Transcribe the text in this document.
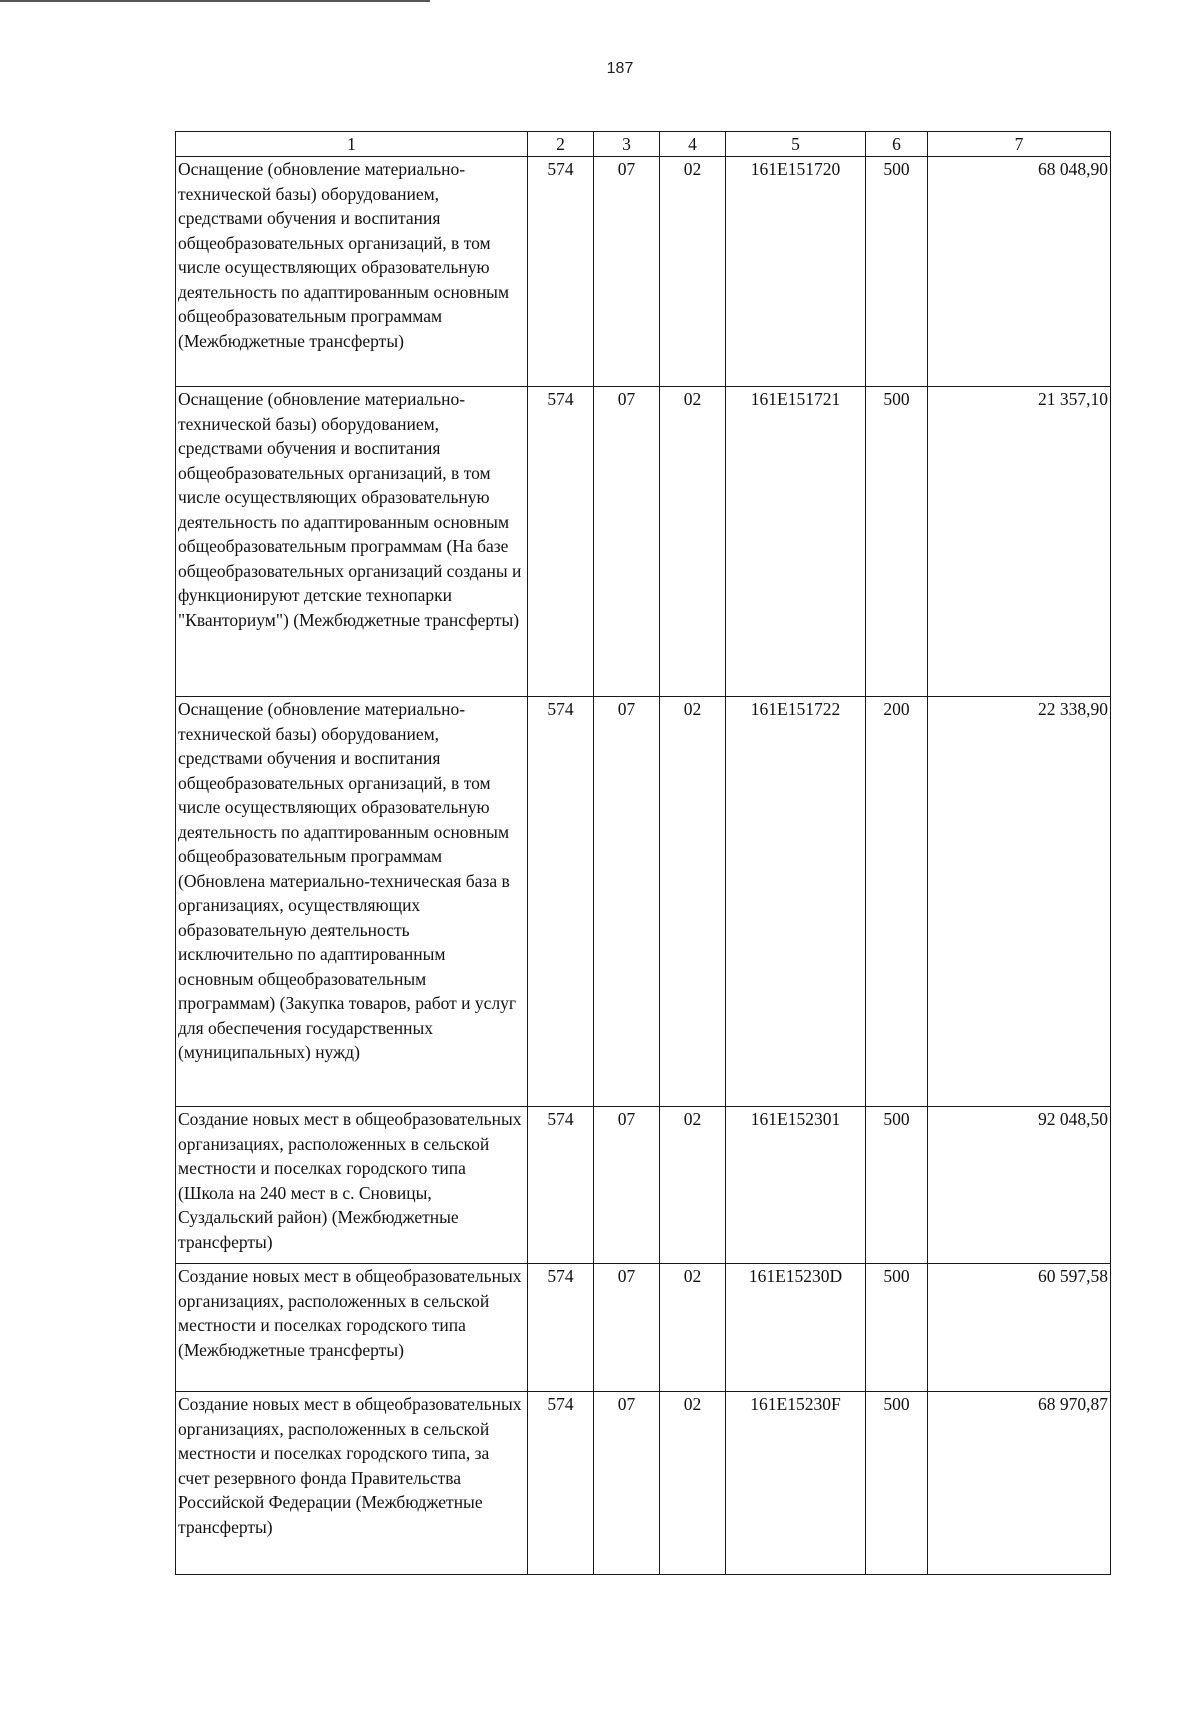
187
1	2	3	4	5	6	7
Оснащение (обновление материально-технической базы) оборудованием, средствами обучения и воспитания общеобразовательных организаций, в том числе осуществляющих образовательную деятельность по адаптированным основным общеобразовательным программам (Межбюджетные трансферты)	574	07	02	161E151720	500	68 048,90
Оснащение (обновление материально-технической базы) оборудованием, средствами обучения и воспитания общеобразовательных организаций, в том числе осуществляющих образовательную деятельность по адаптированным основным общеобразовательным программам (На базе общеобразовательных организаций созданы и функционируют детские технопарки "Кванториум") (Межбюджетные трансферты)	574	07	02	161E151721	500	21 357,10
Оснащение (обновление материально-технической базы) оборудованием, средствами обучения и воспитания общеобразовательных организаций, в том числе осуществляющих образовательную деятельность по адаптированным основным общеобразовательным программам (Обновлена материально-техническая база в организациях, осуществляющих образовательную деятельность исключительно по адаптированным основным общеобразовательным программам) (Закупка товаров, работ и услуг для обеспечения государственных (муниципальных) нужд)	574	07	02	161E151722	200	22 338,90
Создание новых мест в общеобразовательных организациях, расположенных в сельской местности и поселках городского типа (Школа на 240 мест в с. Сновицы, Суздальский район) (Межбюджетные трансферты)	574	07	02	161E152301	500	92 048,50
Создание новых мест в общеобразовательных организациях, расположенных в сельской местности и поселках городского типа (Межбюджетные трансферты)	574	07	02	161E15230D	500	60 597,58
Создание новых мест в общеобразовательных организациях, расположенных в сельской местности и поселках городского типа, за счет резервного фонда Правительства Российской Федерации (Межбюджетные трансферты)	574	07	02	161E15230F	500	68 970,87
